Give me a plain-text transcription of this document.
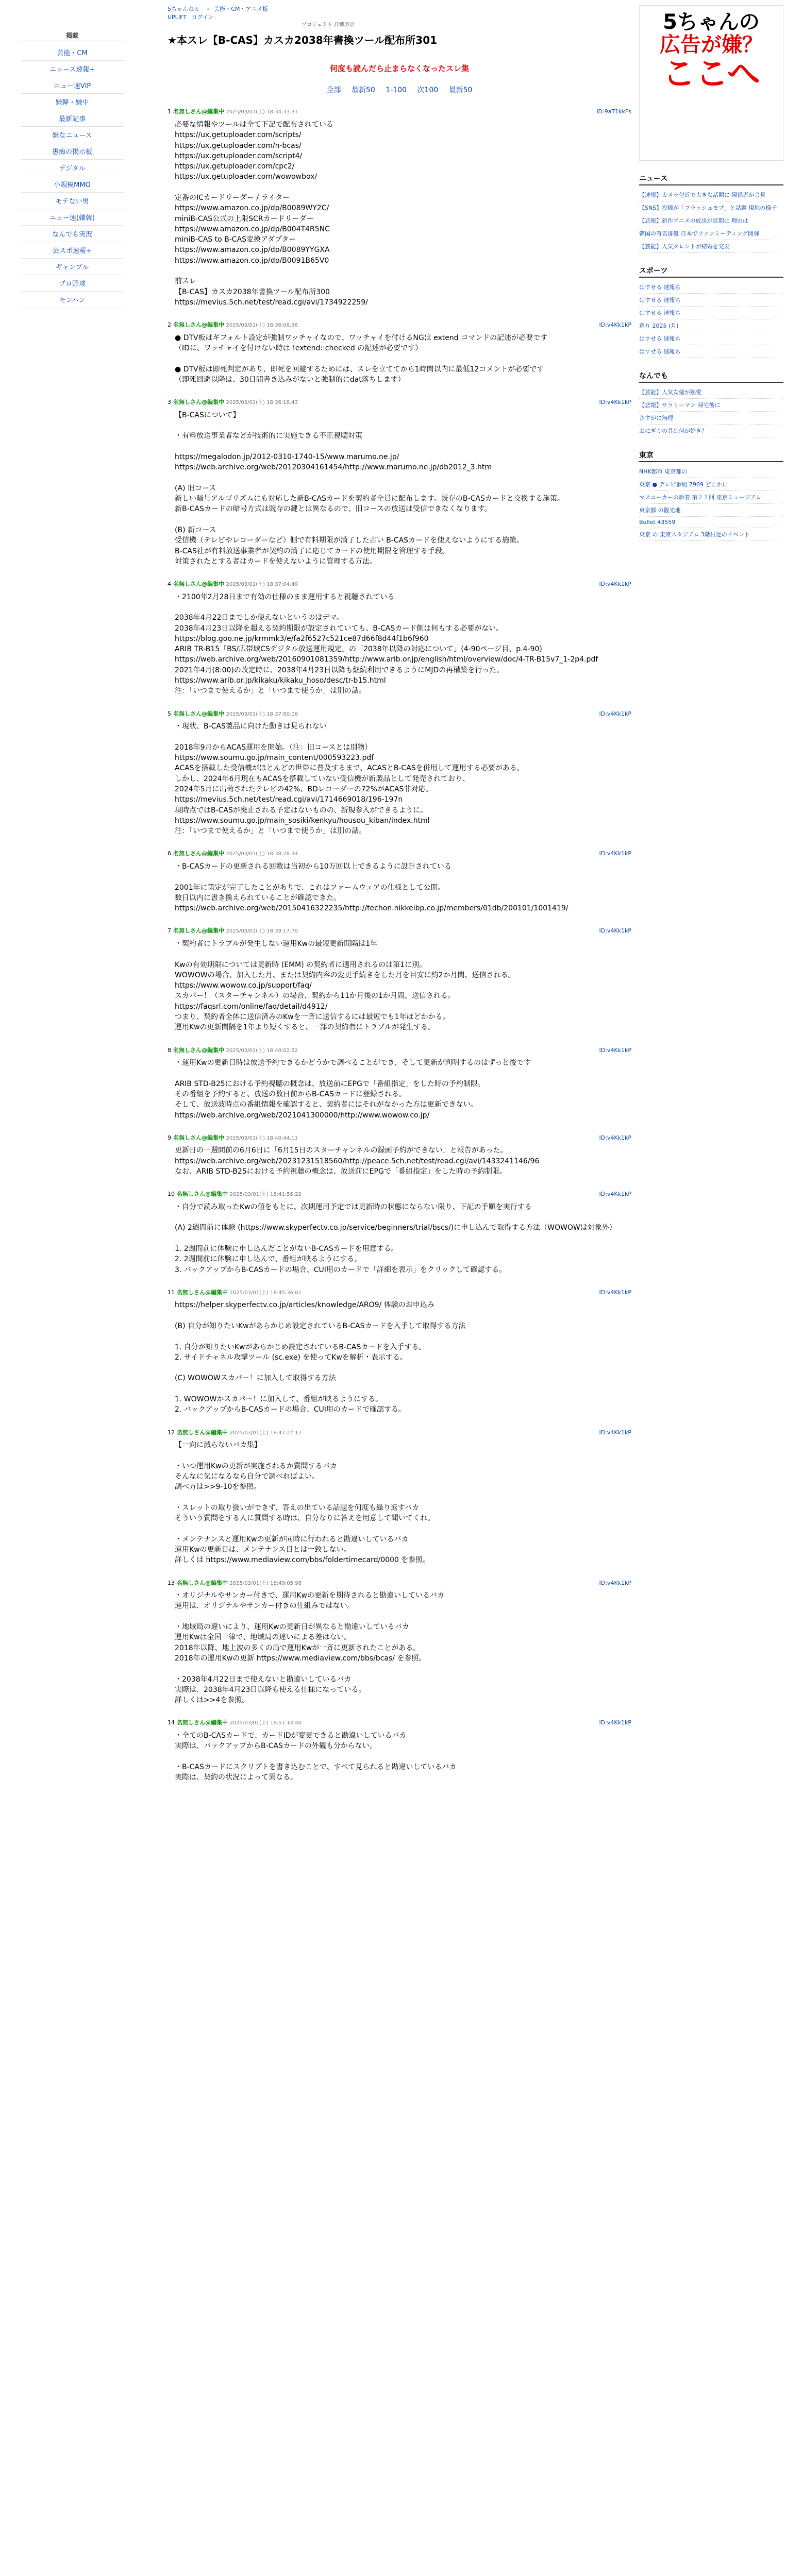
掲載
芸能・CM
ニュース速報+
ニュー速VIP
嫌韓・嫌中
最新記事
嫌なニュース
愚痴の掲示板
デジタル
小規模MMO
モテない男
ニュー速(嫌韓)
なんでも実況
芸スポ速報+
ギャンブル
プロ野球
モンハン
5ちゃんねる → 芸能・CM・アニメ板
UPLIFT ログイン
プロジェクト 詳細表示
★本スレ【B-CAS】カスカ2038年書換ツール配布所301
何度も読んだら止まらなくなったスレ集
全部 最新50 1-100 次100 最新50
1 名無しさん@編集中 2025/03/01(土) 18:34:33.31	ID:9aT1kkFs
必要な情報やツールは全て下記で配布されている
https://ux.getuploader.com/scripts/
https://ux.getuploader.com/n-bcas/
https://ux.getuploader.com/script4/
https://ux.getuploader.com/cpc2/
https://ux.getuploader.com/wowowbox/

定番のICカードリーダー / ライター
https://www.amazon.co.jp/dp/B0089WY2C/
miniB-CAS公式の上限SCRカードリーダー
https://www.amazon.co.jp/dp/B004T4R5NC
miniB-CAS to B-CAS変換アダプター
https://www.amazon.co.jp/dp/B0089YYGXA
https://www.amazon.co.jp/dp/B0091B65V0

前スレ
【B-CAS】カスカ2038年書換ツール配布所300
https://mevius.5ch.net/test/read.cgi/avi/1734922259/
2 名無しさん@編集中 2025/03/01(土) 18:36:06.96	ID:v4Kk1kP
● DTV板はギフォルト設定が強制ワッチャイなので、ワッチャイを付けるNGは extend コマンドの記述が必要です
（IDに、ワッチャイを付けない時は !extend::checked の記述が必要です）

● DTV板は即死判定があり、即死を回避するためには、スレを立ててから1時間以内に最低12コメントが必要です
（即死回避以降は、30日間書き込みがないと強制的にdat落ちします）
3 名無しさん@編集中 2025/03/01(土) 18:36:18.43	ID:v4Kk1kP
【B-CASについて】

・有料放送事業者などが技術的に実施できる不正視聴対策

https://megalodon.jp/2012-0310-1740-15/www.marumo.ne.jp/
https://web.archive.org/web/20120304161454/http://www.marumo.ne.jp/db2012_3.htm

(A) 旧コース
新しい暗号アルゴリズムにも対応した新B-CASカードを契約者全員に配布します。既存のB-CASカードと交換する施策。
新B-CASカードの暗号方式は既存の鍵とは異なるので、旧コースの放送は受信できなくなります。

(B) 新コース
受信機（テレビやレコーダーなど）側で有料期限が満了した古い B-CASカードを使えないようにする施策。
B-CAS社が有料放送事業者が契約の満了に応じてカードの使用期限を管理する手段。
対策されたとする者はカードを使えないように管理する方法。
4 名無しさん@編集中 2025/03/01(土) 18:37:04.49	ID:v4Kk1kP
・2100年2月28日まで有効の仕様のまま運用すると視聴されている

2038年4月22日までしか使えないというのはデマ。
2038年4月23日以降を超える契約期限が設定されていても、B-CASカード側は何もする必要がない。
https://blog.goo.ne.jp/krmmk3/e/fa2f6527c521ce87d66f8d44f1b6f960
ARIB TR-B15「BS/広帯域CSデジタル放送運用規定」の「2038年以降の対応について」(4-90ページ目、p.4-90)
https://web.archive.org/web/20160901081359/http://www.arib.or.jp/english/html/overview/doc/4-TR-B15v7_1-2p4.pdf
2021年4月(8:00)の改定時に、2038年4月23日以降も継続利用できるようにMJDの再構築を行った。
https://www.arib.or.jp/kikaku/kikaku_hoso/desc/tr-b15.html
注：「いつまで使えるか」と「いつまで使うか」は別の話。
5 名無しさん@編集中 2025/03/01(土) 18:37:50.06	ID:v4Kk1kP
・現状、B-CAS製品に向けた動きは見られない

2018年9月からACAS運用を開始。（注：旧コースとは別物）
https://www.soumu.go.jp/main_content/000593223.pdf
ACASを搭載した受信機がほとんどの世帯に普及するまで、ACASとB-CASを併用して運用する必要がある。
しかし、2024年6月現在もACASを搭載していない受信機が新製品として発売されており、
2024年5月に出荷されたテレビの42%、BDレコーダーの72%がACAS非対応。
https://mevius.5ch.net/test/read.cgi/avi/1714669018/196-197n
現時点ではB-CASが廃止される予定はないものの、新規参入ができるように。
https://www.soumu.go.jp/main_sosiki/kenkyu/housou_kiban/index.html
注：「いつまで使えるか」と「いつまで使うか」は別の話。
6 名無しさん@編集中 2025/03/01(土) 18:38:28.34	ID:v4Kk1kP
・B-CASカードの更新される回数は当初から10万回以上できるように設計されている

2001年に策定が完了したことがありで、これはファームウェアの仕様として公開。
数日以内に書き換えられていることが確認できた。
https://web.archive.org/web/20150416322235/http://techon.nikkeibp.co.jp/members/01db/200101/1001419/
7 名無しさん@編集中 2025/03/01(土) 18:39:17.70	ID:v4Kk1kP
・契約者にトラブルが発生しない運用Kwの最短更新間隔は1年

Kwの有効期限については更新時 (EMM) の契約者に適用されるのは第1に別。
WOWOWの場合、加入した月、または契約内容の変更手続きをした月を目安に約2か月間、送信される。
https://www.wowow.co.jp/support/faq/
スカパー！（スターチャンネル）の場合、契約から11か月後の1か月間、送信される。
https://faqsrl.com/online/faq/detail/d4912/
つまり、契約者全体に送信済みのKwを一斉に送信するには最短でも1年ほどかかる。
運用Kwの更新間隔を1年より短くすると、一部の契約者にトラブルが発生する。
8 名無しさん@編集中 2025/03/01(土) 18:40:02.52	ID:v4Kk1kP
・運用Kwの更新日時は放送予約できるかどうかで調べることができ、そして更新が判明するのはずっと後です

ARIB STD-B25における予約視聴の概念は、放送前にEPGで「番組指定」をした時の予約制限。
その番組を予約すると、放送の数日前からB-CASカードに登録される。
そして、放送波時点の番組情報を確認すると、契約者にはそれがなかった方は更新できない。
https://web.archive.org/web/2021041300000/http://www.wowow.co.jp/
9 名無しさん@編集中 2025/03/01(土) 18:40:44.11	ID:v4Kk1kP
更新日の一週間前の6月6日に「6月15日のスターチャンネルの録画予約ができない」と報告があった。
https://web.archive.org/web/20231231518560/http://peace.5ch.net/test/read.cgi/avi/1433241146/96
なお、ARIB STD-B25における予約視聴の概念は、放送前にEPGで「番組指定」をした時の予約制限。
10 名無しさん@編集中 2025/03/01(土) 18:41:55.22	ID:v4Kk1kP
・自分で読み取ったKwの値をもとに、次期運用予定では更新時の状態にならない限り、下記の手順を実行する

(A) 2週間前に体験 (https://www.skyperfectv.co.jp/service/beginners/trial/bscs/)に申し込んで取得する方法（WOWOWは対象外）

1. 2週間前に体験に申し込んだことがないB-CASカードを用意する。
2. 2週間前に体験に申し込んで、番組が映るようにする。
3. バックアップからB-CASカードの場合、CUI用のカードで「詳細を表示」をクリックして確認する。
11 名無しさん@編集中 2025/03/01(土) 18:45:36.61	ID:v4Kk1kP
https://helper.skyperfectv.co.jp/articles/knowledge/ARO9/ 体験のお申込み

(B) 自分が知りたいKwがあらかじめ設定されているB-CASカードを入手して取得する方法

1. 自分が知りたいKwがあらかじめ設定されているB-CASカードを入手する。
2. サイドチャネル攻撃ツール (sc.exe) を使ってKwを解析・表示する。

(C) WOWOWスカパー！に加入して取得する方法

1. WOWOWかスカパー！に加入して、番組が映るようにする。
2. バックアップからB-CASカードの場合、CUI用のカードで確認する。
12 名無しさん@編集中 2025/03/01(土) 18:47:22.17	ID:v4Kk1kP
【一向に減らないバカ集】

・いつ運用Kwの更新が実施されるか質問するバカ
そんなに気になるなら自分で調べればよい。
調べ方は>>9-10を参照。

・スレットの取り扱いができず、答えの出ている話題を何度も繰り返すバカ
そういう質問をする人に質問する時は、自分なりに答えを用意して聞いてくれ。

・メンテナンスと運用Kwの更新が同時に行われると勘違いしているバカ
運用Kwの更新日は、メンテナンス日とは一致しない。
詳しくは https://www.mediaview.com/bbs/foldertimecard/0000 を参照。
13 名無しさん@編集中 2025/03/01(土) 18:49:05.98	ID:v4Kk1kP
・オリジナルやサンカー付きで、運用Kwの更新を期待されると勘違いしているバカ
運用は、オリジナルやサンカー付きの仕組みではない。

・地域局の違いにより、運用Kwの更新日が異なると勘違いしているバカ
運用Kwは全国一律で、地域局の違いによる差はない。
2018年以降、地上波の多くの局で運用Kwが一斉に更新されたことがある。
2018年の運用Kwの更新 https://www.mediaview.com/bbs/bcas/ を参照。

・2038年4月22日まで使えないと勘違いしているバカ
実際は、2038年4月23日以降も使える仕様になっている。
詳しくは>>4を参照。
14 名無しさん@編集中 2025/03/01(土) 18:51:14.40	ID:v4Kk1kP
・全てのB-CASカードで、カードIDが変更できると勘違いしているバカ
実際は、バックアップからB-CASカードの外観も分からない。

・B-CASカードにスクリプトを書き込むことで、すべて見られると勘違いしているバカ
実際は、契約の状況によって異なる。
5ちゃんの
広告が嫌？
ここへ
ニュース
【速報】カメラ付近で大きな話題に 関係者が会見
【SNS】投稿が「フラッシュモブ」と話題 現地の様子
【悲報】新作アニメの放送が延期に 理由は
韓国の有名俳優 日本でファンミーティング開催
【芸能】人気タレントが結婚を発表
スポーツ
はすせる 速報ち
はすせる 速報ち
はすせる 速報ち
巡り 2025 (月)
はすせる 速報ち
はすせる 速報ち
なんでも
【芸能】人気女優が熱愛
【悲報】サラリーマン 帰宅後に
さすがに無理
おにぎりの具は何が好き？
東京
NHK都市 東京都の
東京 ● テレビ番組 7969 どこかに
マスコーカーの新着 第２１回 東京ミュージアム
東京都 の観光地
Bullet 43559
東京 の 東京スタジアム 3階付近のイベント
